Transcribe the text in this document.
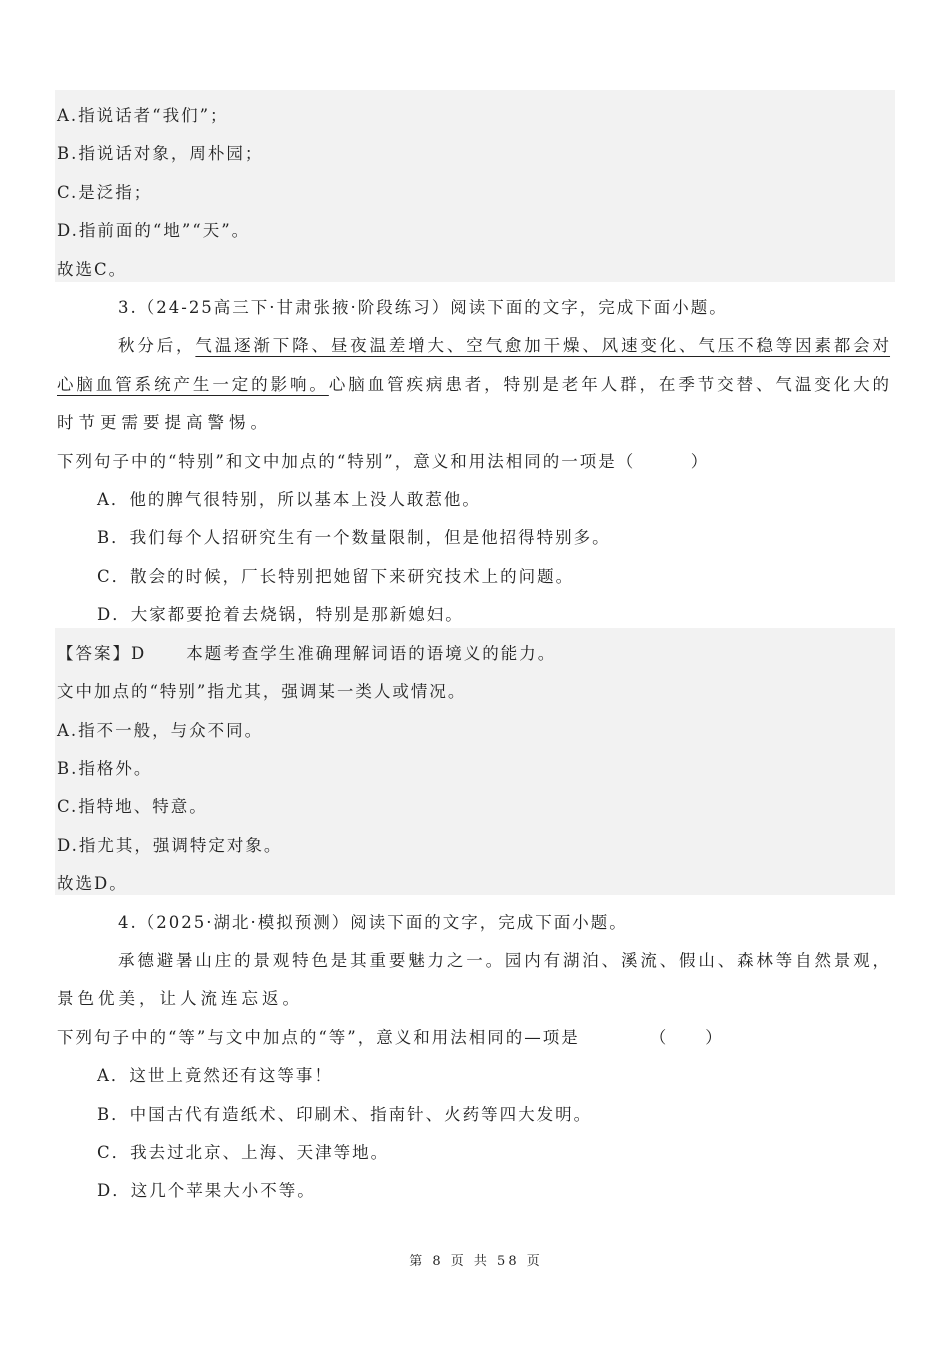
A.指说话者“我们”；
B.指说话对象，周朴园；
C.是泛指；
D.指前面的“地”“天”。
故选C。
3.（24-25高三下·甘肃张掖·阶段练习）阅读下面的文字，完成下面小题。
秋分后，气温逐渐下降、昼夜温差增大、空气愈加干燥、风速变化、气压不稳等因素都会对
心脑血管系统产生一定的影响。心脑血管疾病患者，特别是老年人群，在季节交替、气温变化大的
时节更需要提高警惕。
下列句子中的“特别”和文中加点的“特别”，意义和用法相同的一项是（　　　）
A．他的脾气很特别，所以基本上没人敢惹他。
B．我们每个人招研究生有一个数量限制，但是他招得特别多。
C．散会的时候，厂长特别把她留下来研究技术上的问题。
D．大家都要抢着去烧锅，特别是那新媳妇。
【答案】D 本题考查学生准确理解词语的语境义的能力。
文中加点的“特别”指尤其，强调某一类人或情况。
A.指不一般，与众不同。
B.指格外。
C.指特地、特意。
D.指尤其，强调特定对象。
故选D。
4.（2025·湖北·模拟预测）阅读下面的文字，完成下面小题。
承德避暑山庄的景观特色是其重要魅力之一。园内有湖泊、溪流、假山、森林等自然景观，
景色优美，让人流连忘返。
下列句子中的“等”与文中加点的“等”，意义和用法相同的—项是	（　　）
A．这世上竟然还有这等事！
B．中国古代有造纸术、印刷术、指南针、火药等四大发明。
C．我去过北京、上海、天津等地。
D．这几个苹果大小不等。
第 8 页 共 58 页
